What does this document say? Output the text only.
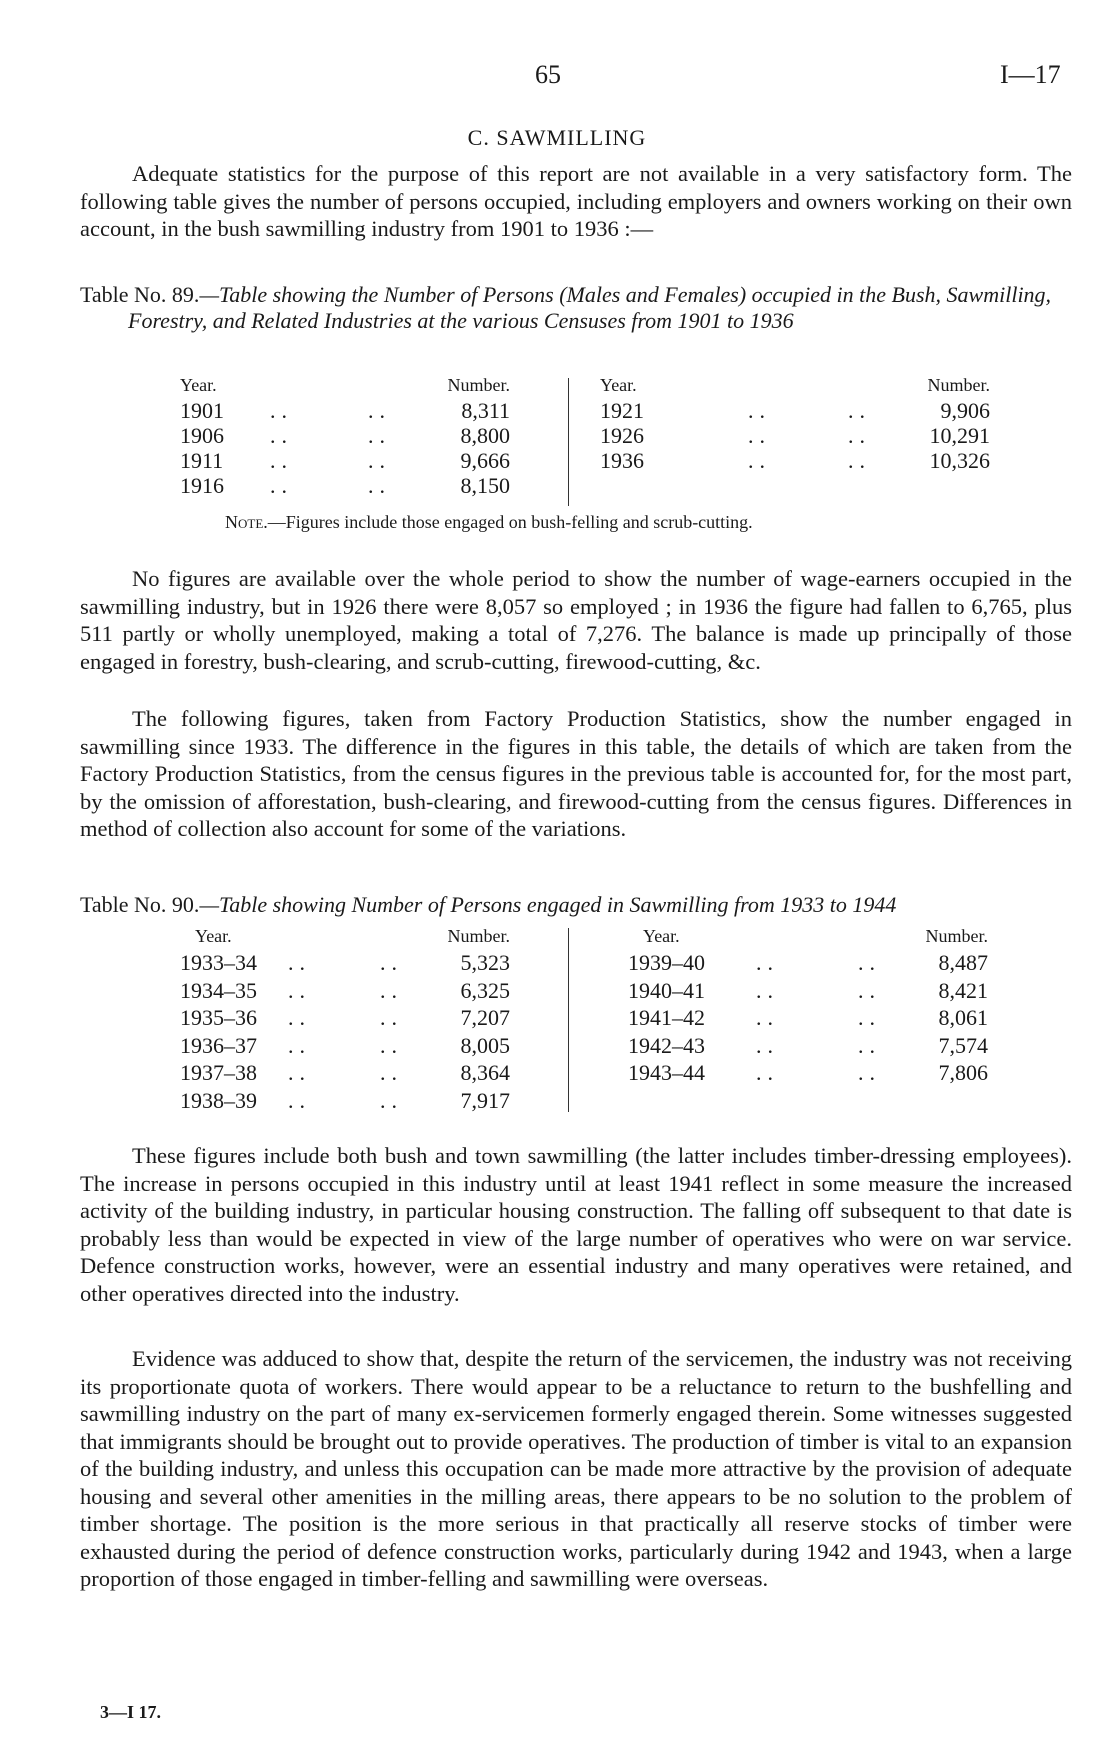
65	I—17
C. SAWMILLING

Adequate statistics for the purpose of this report are not available in a very satisfactory form. The following table gives the number of persons occupied, including employers and owners working on their own account, in the bush sawmilling industry from 1901 to 1936 :—

Table No. 89.—Table showing the Number of Persons (Males and Females) occupied in the Bush, Sawmilling, Forestry, and Related Industries at the various Censuses from 1901 to 1936

Year.	Number.	Year.	Number.
1901 ..	..	8,311
1906 ..	..	8,800
1911 ..	..	9,666
1916 ..	..	8,150
1921	..	..	9,906
1926	..	..	10,291
1936	..	..	10,326
Note.—Figures include those engaged on bush-felling and scrub-cutting.

No figures are available over the whole period to show the number of wage-earners occupied in the sawmilling industry, but in 1926 there were 8,057 so employed ; in 1936 the figure had fallen to 6,765, plus 511 partly or wholly unemployed, making a total of 7,276. The balance is made up principally of those engaged in forestry, bush-clearing, and scrub-cutting, firewood-cutting, &c.

The following figures, taken from Factory Production Statistics, show the number engaged in sawmilling since 1933. The difference in the figures in this table, the details of which are taken from the Factory Production Statistics, from the census figures in the previous table is accounted for, for the most part, by the omission of afforestation, bush-clearing, and firewood-cutting from the census figures. Differences in method of collection also account for some of the variations.

Table No. 90.—Table showing Number of Persons engaged in Sawmilling from 1933 to 1944

Year.	Number.	Year.	Number.
1933–34 ..	..	5,323
1934–35 ..	..	6,325
1935–36 ..	..	7,207
1936–37 ..	..	8,005
1937–38 ..	..	8,364
1938–39 ..	..	7,917
1939–40 ..	..	8,487
1940–41 ..	..	8,421
1941–42 ..	..	8,061
1942–43 ..	..	7,574
1943–44 ..	..	7,806

These figures include both bush and town sawmilling (the latter includes timber-dressing employees). The increase in persons occupied in this industry until at least 1941 reflect in some measure the increased activity of the building industry, in particular housing construction. The falling off subsequent to that date is probably less than would be expected in view of the large number of operatives who were on war service. Defence construction works, however, were an essential industry and many operatives were retained, and other operatives directed into the industry.

Evidence was adduced to show that, despite the return of the servicemen, the industry was not receiving its proportionate quota of workers. There would appear to be a reluctance to return to the bushfelling and sawmilling industry on the part of many ex-servicemen formerly engaged therein. Some witnesses suggested that immigrants should be brought out to provide operatives. The production of timber is vital to an expansion of the building industry, and unless this occupation can be made more attractive by the provision of adequate housing and several other amenities in the milling areas, there appears to be no solution to the problem of timber shortage. The position is the more serious in that practically all reserve stocks of timber were exhausted during the period of defence construction works, particularly during 1942 and 1943, when a large proportion of those engaged in timber-felling and sawmilling were overseas.

3—I 17.
